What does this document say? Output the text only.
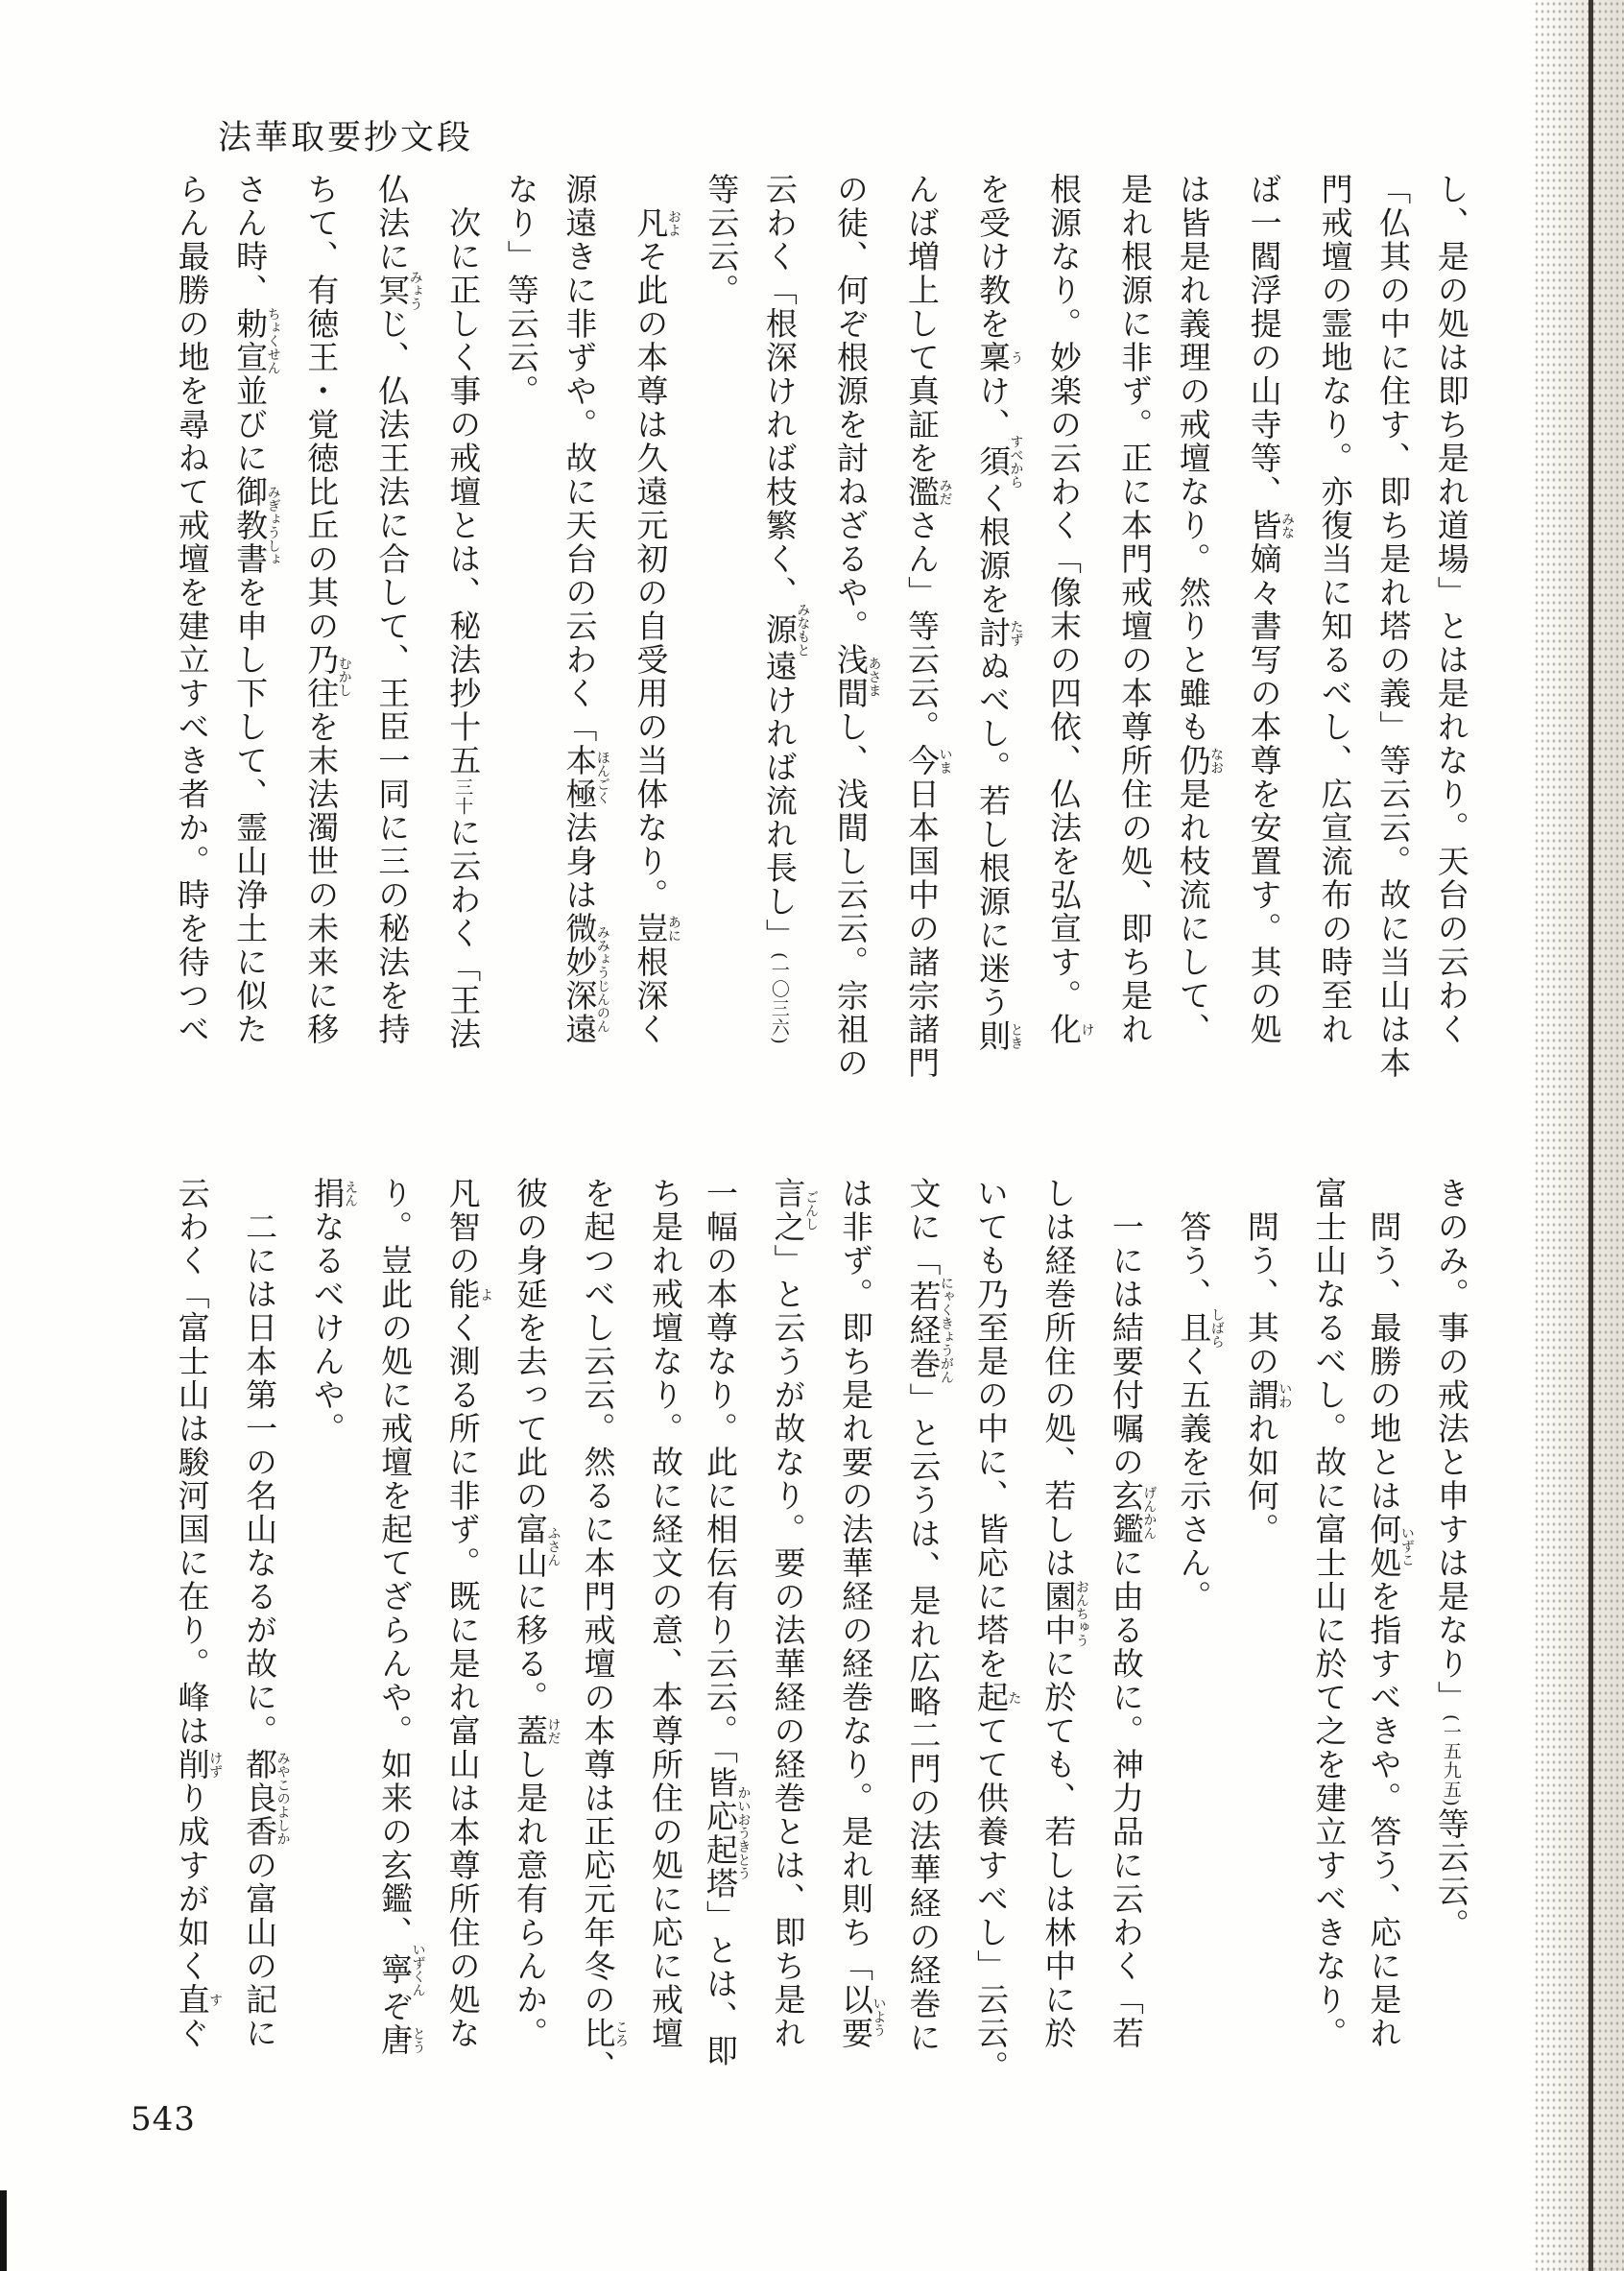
法華取要抄文段
し、是の処は即ち是れ道場」とは是れなり。天台の云わく
「仏其の中に住す、即ち是れ塔の義」等云云。故に当山は本
門戒壇の霊地なり。亦復当に知るべし、広宣流布の時至れ
ば一閻浮提の山寺等、皆みな嫡々書写の本尊を安置す。其の処
は皆是れ義理の戒壇なり。然りと雖も仍なお是れ枝流にして、
是れ根源に非ず。正に本門戒壇の本尊所住の処、即ち是れ
根源なり。妙楽の云わく「像末の四依、仏法を弘宣す。化け
を受け教を稟うけ、須すべからく根源を討たずぬべし。若し根源に迷う則とき
んば増上して真証を濫みださん」等云云。今いま日本国中の諸宗諸門
の徒、何ぞ根源を討ねざるや。浅間あさまし、浅間し云云。宗祖の
云わく「根深ければ枝繁く、源みなもと遠ければ流れ長し」(一〇三六)
等云云。
凡およそ此の本尊は久遠元初の自受用の当体なり。豈あに根深く
源遠きに非ずや。故に天台の云わく「本極ほんごく法身は微妙深遠みみょうじんのん
なり」等云云。
次に正しく事の戒壇とは、秘法抄十五三十に云わく「王法
仏法に冥みょうじ、仏法王法に合して、王臣一同に三の秘法を持
ちて、有徳王・覚徳比丘の其の乃往むかしを末法濁世の未来に移
さん時、勅宣ちょくせん並びに御教書みぎょうしょを申し下して、霊山浄土に似た
らん最勝の地を尋ねて戒壇を建立すべき者か。時を待つべ
きのみ。事の戒法と申すは是なり」(一五九五)等云云。
問う、最勝の地とは何処いずこを指すべきや。答う、応に是れ
富士山なるべし。故に富士山に於て之を建立すべきなり。
問う、其の謂いわれ如何。
答う、且しばらく五義を示さん。
一には結要付嘱の玄鑑げんかんに由る故に。神力品に云わく「若
しは経巻所住の処、若しは園中おんちゅうに於ても、若しは林中に於
いても乃至是の中に、皆応に塔を起たてて供養すべし」云云。
文に「若経巻にゃくきょうがん」と云うは、是れ広略二門の法華経の経巻に
は非ず。即ち是れ要の法華経の経巻なり。是れ則ち「以要いよう
言之ごんし」と云うが故なり。要の法華経の経巻とは、即ち是れ
一幅の本尊なり。此に相伝有り云云。「皆応起塔かいおうきとう」とは、即
ち是れ戒壇なり。故に経文の意、本尊所住の処に応に戒壇
を起つべし云云。然るに本門戒壇の本尊は正応元年冬の比ころ、
彼の身延を去って此の富山ふさんに移る。蓋けだし是れ意有らんか。
凡智の能よく測る所に非ず。既に是れ富山は本尊所住の処な
り。豈此の処に戒壇を起てざらんや。如来の玄鑑、寧いずくんぞ唐とう
捐えんなるべけんや。
二には日本第一の名山なるが故に。都良香みやこのよしかの富山の記に
云わく「富士山は駿河国に在り。峰は削けずり成すが如く直すぐ
543
